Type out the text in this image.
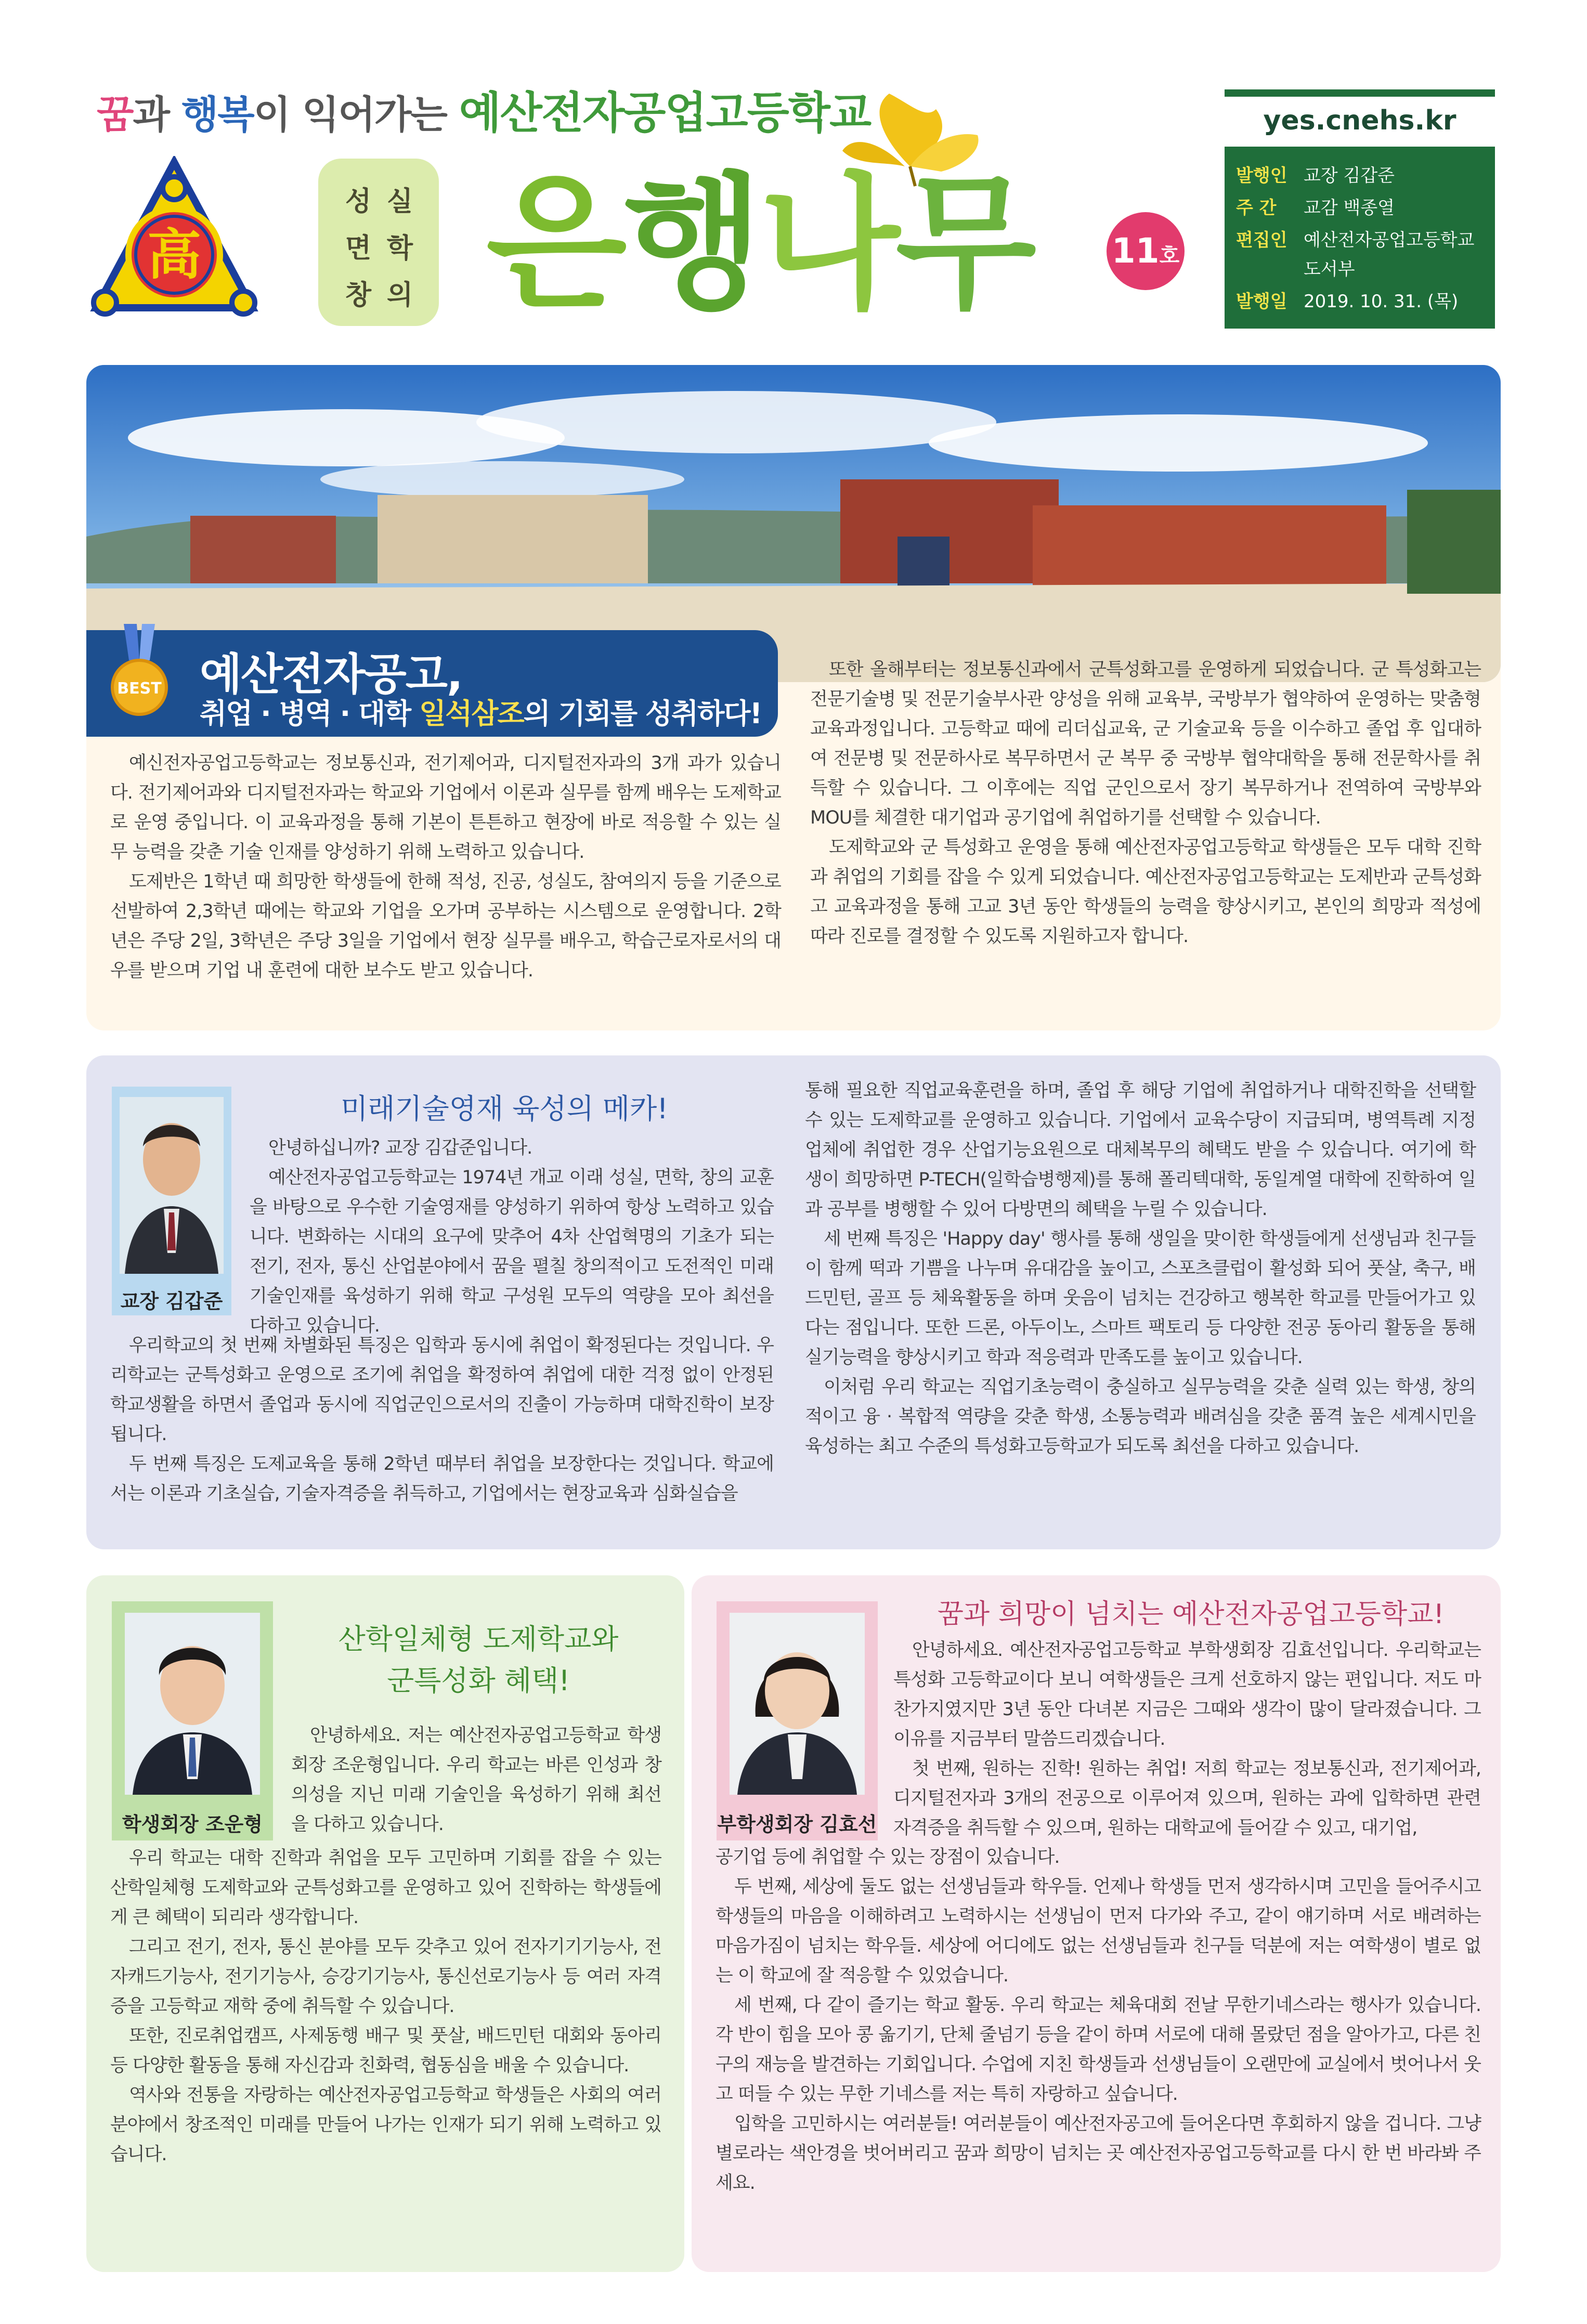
꿈과 행복이 익어가는 예산전자공업고등학교
高
성 실
면 학
창 의 은행나무 11호
yes.cnehs.kr
발행인 교장 김갑준
주 간 교감 백종열
편집인 예산전자공업고등학교
도서부
발행일 2019. 10. 31. (목)
예산전자공고,
취업 · 병역 · 대학 일석삼조의 기회를 성취하다!
BEST

예신전자공업고등학교는 정보통신과, 전기제어과, 디지털전자과의 3개 과가 있습니다. 전기제어과와 디지털전자과는 학교와 기업에서 이론과 실무를 함께 배우는 도제학교로 운영 중입니다. 이 교육과정을 통해 기본이 튼튼하고 현장에 바로 적응할 수 있는 실무 능력을 갖춘 기술 인재를 양성하기 위해 노력하고 있습니다.

도제반은 1학년 때 희망한 학생들에 한해 적성, 진공, 성실도, 참여의지 등을 기준으로 선발하여 2,3학년 때에는 학교와 기업을 오가며 공부하는 시스템으로 운영합니다. 2학년은 주당 2일, 3학년은 주당 3일을 기업에서 현장 실무를 배우고, 학습근로자로서의 대우를 받으며 기업 내 훈련에 대한 보수도 받고 있습니다.

또한 올해부터는 정보통신과에서 군특성화고를 운영하게 되었습니다. 군 특성화고는 전문기술병 및 전문기술부사관 양성을 위해 교육부, 국방부가 협약하여 운영하는 맞춤형 교육과정입니다. 고등학교 때에 리더십교육, 군 기술교육 등을 이수하고 졸업 후 입대하여 전문병 및 전문하사로 복무하면서 군 복무 중 국방부 협약대학을 통해 전문학사를 취득할 수 있습니다. 그 이후에는 직업 군인으로서 장기 복무하거나 전역하여 국방부와 MOU를 체결한 대기업과 공기업에 취업하기를 선택할 수 있습니다.

도제학교와 군 특성화고 운영을 통해 예산전자공업고등학교 학생들은 모두 대학 진학과 취업의 기회를 잡을 수 있게 되었습니다. 예산전자공업고등학교는 도제반과 군특성화고 교육과정을 통해 고교 3년 동안 학생들의 능력을 향상시키고, 본인의 희망과 적성에 따라 진로를 결정할 수 있도록 지원하고자 합니다.

교장 김갑준
미래기술영재 육성의 메카!

안녕하십니까? 교장 김갑준입니다.

예산전자공업고등학교는 1974년 개교 이래 성실, 면학, 창의 교훈을 바탕으로 우수한 기술영재를 양성하기 위하여 항상 노력하고 있습니다. 변화하는 시대의 요구에 맞추어 4차 산업혁명의 기초가 되는 전기, 전자, 통신 산업분야에서 꿈을 펼칠 창의적이고 도전적인 미래기술인재를 육성하기 위해 학교 구성원 모두의 역량을 모아 최선을 다하고 있습니다.

우리학교의 첫 번째 차별화된 특징은 입학과 동시에 취업이 확정된다는 것입니다. 우리학교는 군특성화고 운영으로 조기에 취업을 확정하여 취업에 대한 걱정 없이 안정된 학교생활을 하면서 졸업과 동시에 직업군인으로서의 진출이 가능하며 대학진학이 보장됩니다.

두 번째 특징은 도제교육을 통해 2학년 때부터 취업을 보장한다는 것입니다. 학교에서는 이론과 기초실습, 기술자격증을 취득하고, 기업에서는 현장교육과 심화실습을

통해 필요한 직업교육훈련을 하며, 졸업 후 해당 기업에 취업하거나 대학진학을 선택할 수 있는 도제학교를 운영하고 있습니다. 기업에서 교육수당이 지급되며, 병역특례 지정업체에 취업한 경우 산업기능요원으로 대체복무의 혜택도 받을 수 있습니다. 여기에 학생이 희망하면 P-TECH(일학습병행제)를 통해 폴리텍대학, 동일계열 대학에 진학하여 일과 공부를 병행할 수 있어 다방면의 혜택을 누릴 수 있습니다.

세 번째 특징은 'Happy day' 행사를 통해 생일을 맞이한 학생들에게 선생님과 친구들이 함께 떡과 기쁨을 나누며 유대감을 높이고, 스포츠클럽이 활성화 되어 풋살, 축구, 배드민턴, 골프 등 체육활동을 하며 웃음이 넘치는 건강하고 행복한 학교를 만들어가고 있다는 점입니다. 또한 드론, 아두이노, 스마트 팩토리 등 다양한 전공 동아리 활동을 통해 실기능력을 향상시키고 학과 적응력과 만족도를 높이고 있습니다.

이처럼 우리 학교는 직업기초능력이 충실하고 실무능력을 갖춘 실력 있는 학생, 창의적이고 융 · 복합적 역량을 갖춘 학생, 소통능력과 배려심을 갖춘 품격 높은 세계시민을 육성하는 최고 수준의 특성화고등학교가 되도록 최선을 다하고 있습니다.

학생회장 조운형
산학일체형 도제학교와
군특성화 혜택!

안녕하세요. 저는 예산전자공업고등학교 학생회장 조운형입니다. 우리 학교는 바른 인성과 창의성을 지닌 미래 기술인을 육성하기 위해 최선을 다하고 있습니다.

우리 학교는 대학 진학과 취업을 모두 고민하며 기회를 잡을 수 있는 산학일체형 도제학교와 군특성화고를 운영하고 있어 진학하는 학생들에게 큰 혜택이 되리라 생각합니다.

그리고 전기, 전자, 통신 분야를 모두 갖추고 있어 전자기기기능사, 전자캐드기능사, 전기기능사, 승강기기능사, 통신선로기능사 등 여러 자격증을 고등학교 재학 중에 취득할 수 있습니다.

또한, 진로취업캠프, 사제동행 배구 및 풋살, 배드민턴 대회와 동아리 등 다양한 활동을 통해 자신감과 친화력, 협동심을 배울 수 있습니다.

역사와 전통을 자랑하는 예산전자공업고등학교 학생들은 사회의 여러 분야에서 창조적인 미래를 만들어 나가는 인재가 되기 위해 노력하고 있습니다.

부학생회장 김효선
꿈과 희망이 넘치는 예산전자공업고등학교!

안녕하세요. 예산전자공업고등학교 부학생회장 김효선입니다. 우리학교는 특성화 고등학교이다 보니 여학생들은 크게 선호하지 않는 편입니다. 저도 마찬가지였지만 3년 동안 다녀본 지금은 그때와 생각이 많이 달라졌습니다. 그 이유를 지금부터 말씀드리겠습니다.

첫 번째, 원하는 진학! 원하는 취업! 저희 학교는 정보통신과, 전기제어과, 디지털전자과 3개의 전공으로 이루어져 있으며, 원하는 과에 입학하면 관련 자격증을 취득할 수 있으며, 원하는 대학교에 들어갈 수 있고, 대기업,

공기업 등에 취업할 수 있는 장점이 있습니다.

두 번째, 세상에 둘도 없는 선생님들과 학우들. 언제나 학생들 먼저 생각하시며 고민을 들어주시고 학생들의 마음을 이해하려고 노력하시는 선생님이 먼저 다가와 주고, 같이 얘기하며 서로 배려하는 마음가짐이 넘치는 학우들. 세상에 어디에도 없는 선생님들과 친구들 덕분에 저는 여학생이 별로 없는 이 학교에 잘 적응할 수 있었습니다.

세 번째, 다 같이 즐기는 학교 활동. 우리 학교는 체육대회 전날 무한기네스라는 행사가 있습니다. 각 반이 힘을 모아 콩 옮기기, 단체 줄넘기 등을 같이 하며 서로에 대해 몰랐던 점을 알아가고, 다른 친구의 재능을 발견하는 기회입니다. 수업에 지친 학생들과 선생님들이 오랜만에 교실에서 벗어나서 웃고 떠들 수 있는 무한 기네스를 저는 특히 자랑하고 싶습니다.

입학을 고민하시는 여러분들! 여러분들이 예산전자공고에 들어온다면 후회하지 않을 겁니다. 그냥 별로라는 색안경을 벗어버리고 꿈과 희망이 넘치는 곳 예산전자공업고등학교를 다시 한 번 바라봐 주세요.
